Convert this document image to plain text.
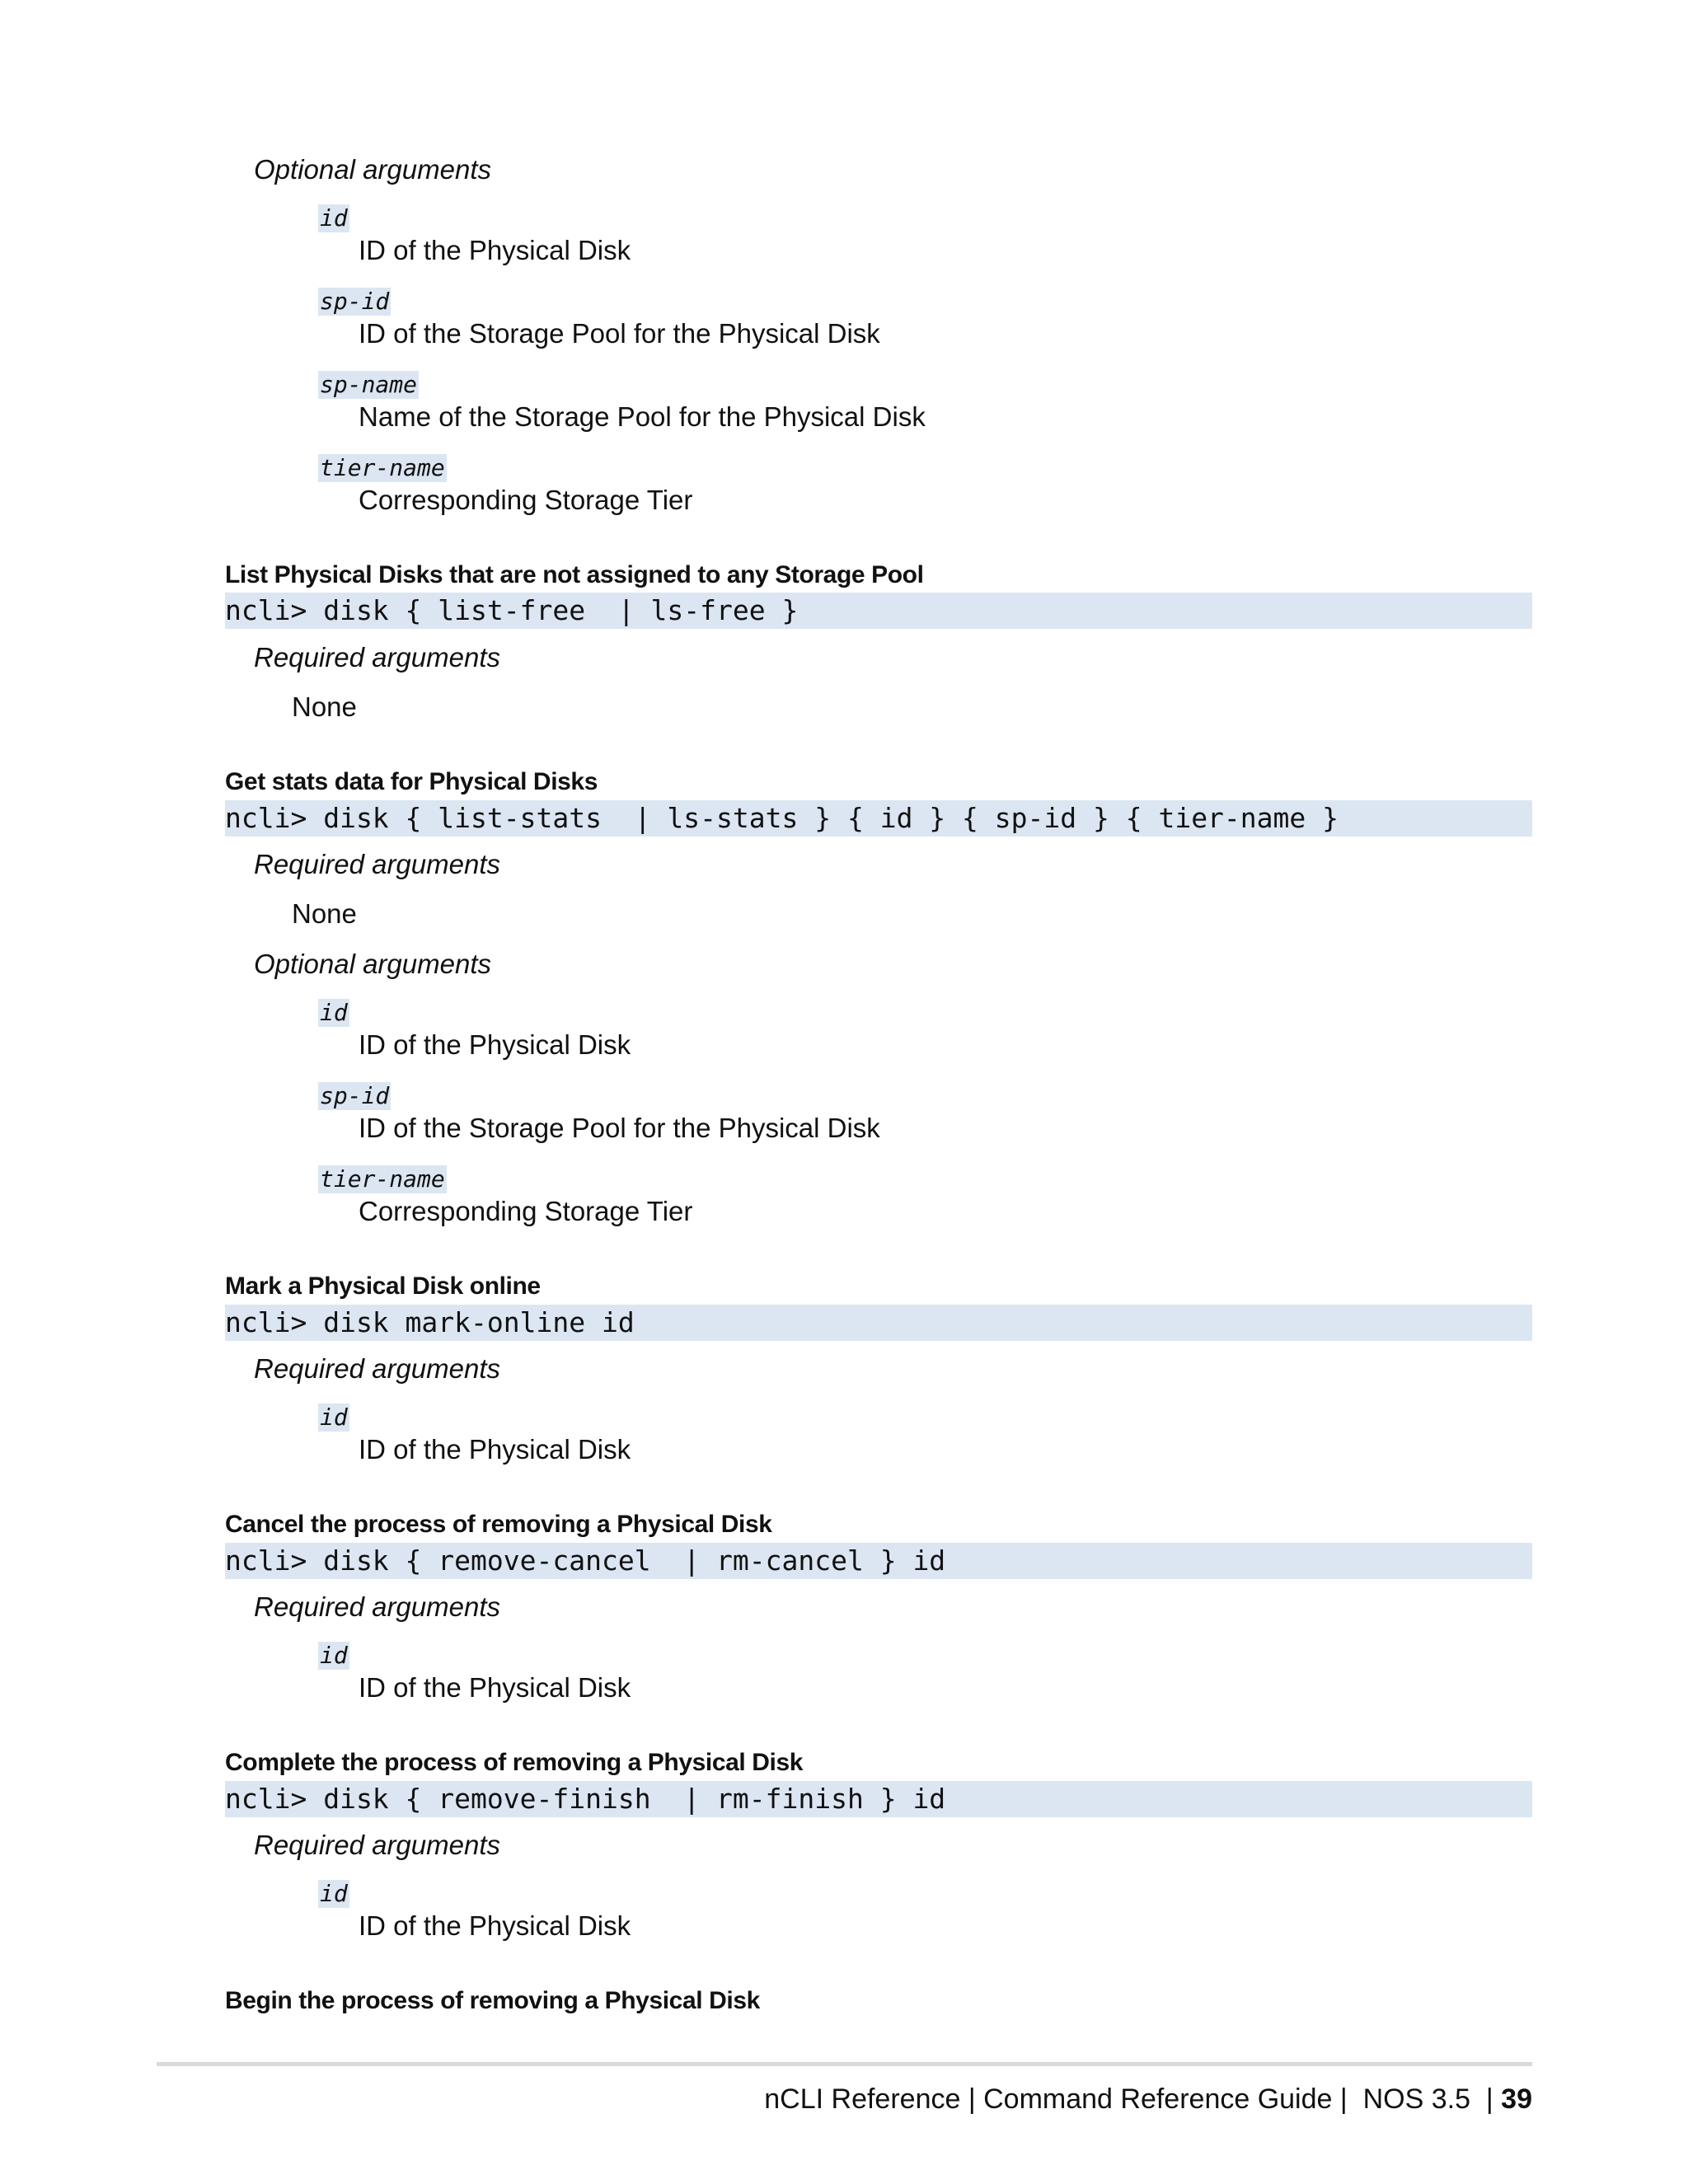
Optional arguments
id
ID of the Physical Disk
sp-id
ID of the Storage Pool for the Physical Disk
sp-name
Name of the Storage Pool for the Physical Disk
tier-name
Corresponding Storage Tier
List Physical Disks that are not assigned to any Storage Pool
ncli> disk { list-free  | ls-free }
Required arguments
None
Get stats data for Physical Disks
ncli> disk { list-stats  | ls-stats } { id } { sp-id } { tier-name }
Required arguments
None
Optional arguments
id
ID of the Physical Disk
sp-id
ID of the Storage Pool for the Physical Disk
tier-name
Corresponding Storage Tier
Mark a Physical Disk online
ncli> disk mark-online id
Required arguments
id
ID of the Physical Disk
Cancel the process of removing a Physical Disk
ncli> disk { remove-cancel  | rm-cancel } id
Required arguments
id
ID of the Physical Disk
Complete the process of removing a Physical Disk
ncli> disk { remove-finish  | rm-finish } id
Required arguments
id
ID of the Physical Disk
Begin the process of removing a Physical Disk
nCLI Reference | Command Reference Guide |  NOS 3.5  | 39
